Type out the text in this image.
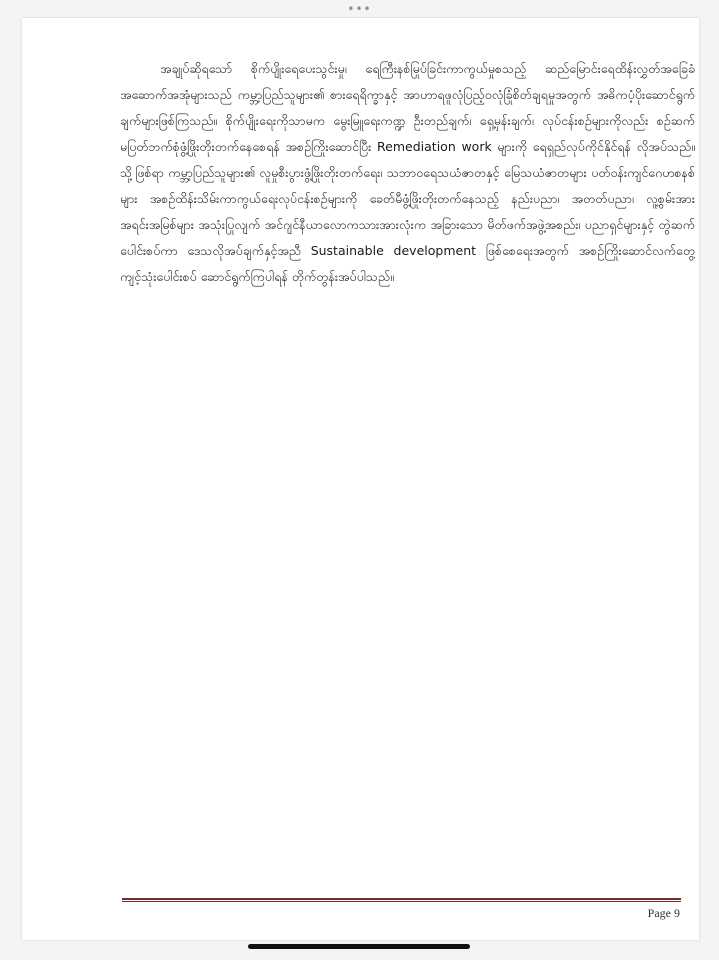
•••

အချုပ်ဆိုရသော် စိုက်ပျိုးရေပေးသွင်းမှု၊ ရေကြီးနစ်မြုပ်ခြင်းကာကွယ်မှုစသည့် ဆည်မြောင်းရေထိန်းလွှတ်အခြေခံအဆောက်အအုံများသည် ကမ္ဘာ့ပြည်သူများ၏ စားရေရိက္ခာနှင့် အာဟာရဖူလုံပြည့်ဝလုံခြုံစိတ်ချရမှုအတွက် အဓိကပံ့ပိုးဆောင်ရွက်ချက်များဖြစ်ကြသည်။ စိုက်ပျိုးရေးကိုသာမက မွေးမြူရေးကဏ္ဍ ဦးတည်ချက်၊ ရှေ့မှန်းချက်၊ လုပ်ငန်းစဉ်များကိုလည်း စဉ်ဆက်မပြတ်ဘက်စုံဖွံ့ဖြိုးတိုးတက်နေစေရန် အစဉ်ကြိုးဆောင်ပြီး Remediation work များကို ရေရှည်လုပ်ကိုင်နိုင်ရန် လိုအပ်သည်။ သို့ဖြစ်ရာ ကမ္ဘာ့ပြည်သူများ၏ လူမှုစီးပွားဖွံ့ဖြိုးတိုးတက်ရေး၊ သဘာဝရေသယံဇာတနှင့် မြေသယံဇာတများ ပတ်ဝန်းကျင်ဂေဟစနစ်များ အစဉ်ထိန်းသိမ်းကာကွယ်ရေးလုပ်ငန်းစဉ်များကို ခေတ်မီဖွံ့ဖြိုးတိုးတက်နေသည့် နည်းပညာ၊ အတတ်ပညာ၊ လူ့စွမ်းအားအရင်းအမြစ်များ အသုံးပြုလျက် အင်ဂျင်နီယာလောကသားအားလုံးက အခြားသော မိတ်ဖက်အဖွဲ့အစည်း၊ ပညာရှင်များနှင့် တွဲဆက်ပေါင်းစပ်ကာ ဒေသလိုအပ်ချက်နှင့်အညီ Sustainable development ဖြစ်စေရေးအတွက် အစဉ်ကြိုးဆောင်လက်တွေ့ကျင့်သုံးပေါင်းစပ် ဆောင်ရွက်ကြပါရန် တိုက်တွန်းအပ်ပါသည်။

Page 9
